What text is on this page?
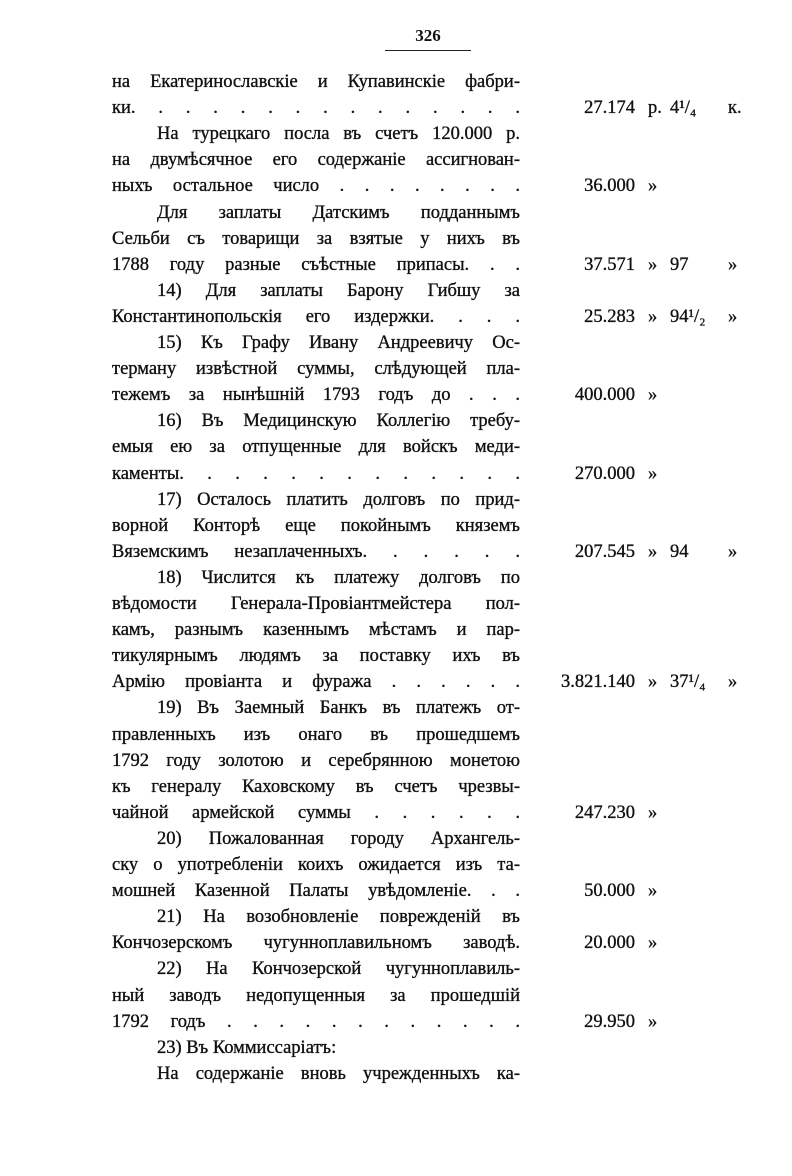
326
на Екатеринославскіе и Купавинскіе фабри-
ки. . . . . . . . . . . . . . .	27.174 р. 4¹/₄	к.
На турецкаго посла въ счетъ 120.000 р.
на двумѣсячное его содержаніе ассигнован-
ныхъ остальное число . . . . . . . .	36.000 »
Для заплаты Датскимъ подданнымъ
Сельби съ товарищи за взятые у нихъ въ
1788 году разные съѣстные припасы. . .	37.571 » 97	»
14) Для заплаты Барону Гибшу за
Константинопольскія его издержки. . . .	25.283 » 94¹/₂	»
15) Къ Графу Ивану Андреевичу Ос-
терману извѣстной суммы, слѣдующей пла-
тежемъ за нынѣшній 1793 годъ до . . .	400.000 »
16) Въ Медицинскую Коллегію требу-
емыя ею за отпущенные для войскъ меди-
каменты. . . . . . . . . . . . .	270.000 »
17) Осталось платить долговъ по прид-
ворной Конторѣ еще покойнымъ княземъ
Вяземскимъ незаплаченныхъ. . . . . .	207.545 » 94	»
18) Числится къ платежу долговъ по
вѣдомости Генерала-Провіантмейстера пол-
камъ, разнымъ казеннымъ мѣстамъ и пар-
тикулярнымъ людямъ за поставку ихъ въ
Армію провіанта и фуража . . . . . .	3.821.140 » 37¹/₄	»
19) Въ Заемный Банкъ въ платежъ от-
правленныхъ изъ онаго въ прошедшемъ
1792 году золотою и серебрянною монетою
къ генералу Каховскому въ счетъ чрезвы-
чайной армейской суммы . . . . . .	247.230 »
20) Пожалованная городу Архангель-
ску о употребленіи коихъ ожидается изъ та-
мошней Казенной Палаты увѣдомленіе. . .	50.000 »
21) На возобновленіе поврежденій въ
Кончозерскомъ чугунноплавильномъ заводѣ.	20.000 »
22) На Кончозерской чугунноплавиль-
ный заводъ недопущенныя за прошедшій
1792 годъ . . . . . . . . . . . .	29.950 »
23) Въ Коммиссаріатъ:
На содержаніе вновь учрежденныхъ ка-
